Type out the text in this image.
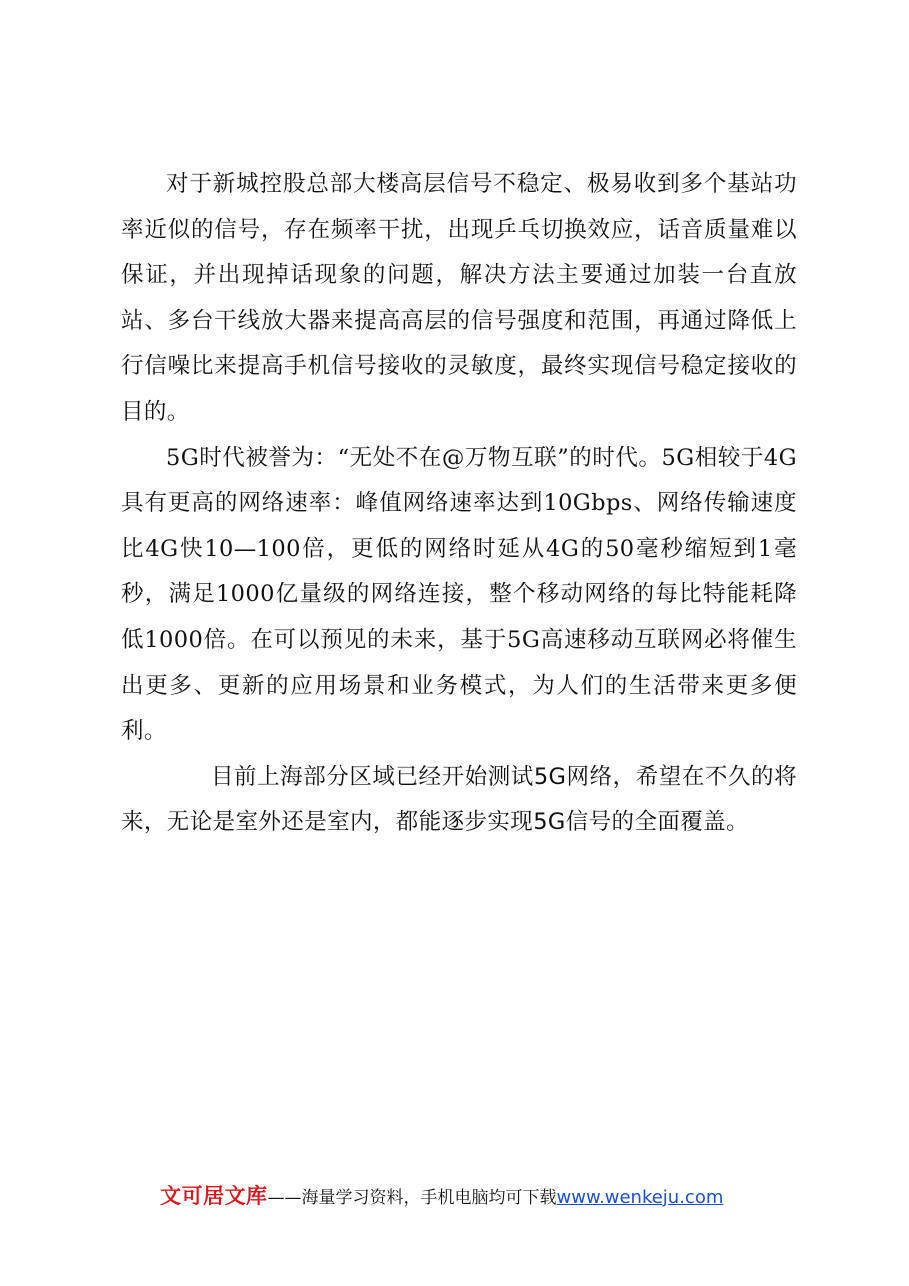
对于新城控股总部大楼高层信号不稳定、极易收到多个基站功率近似的信号，存在频率干扰，出现乒乓切换效应，话音质量难以保证，并出现掉话现象的问题，解决方法主要通过加装一台直放站、多台干线放大器来提高高层的信号强度和范围，再通过降低上行信噪比来提高手机信号接收的灵敏度，最终实现信号稳定接收的目的。

5G时代被誉为：“无处不在@万物互联”的时代。5G相较于4G具有更高的网络速率：峰值网络速率达到10Gbps、网络传输速度比4G快10—100倍，更低的网络时延从4G的50毫秒缩短到1毫秒，满足1000亿量级的网络连接，整个移动网络的每比特能耗降低1000倍。在可以预见的未来，基于5G高速移动互联网必将催生出更多、更新的应用场景和业务模式，为人们的生活带来更多便利。

目前上海部分区域已经开始测试5G网络，希望在不久的将来，无论是室外还是室内，都能逐步实现5G信号的全面覆盖。

文可居文库——海量学习资料，手机电脑均可下载www.wenkeju.com
